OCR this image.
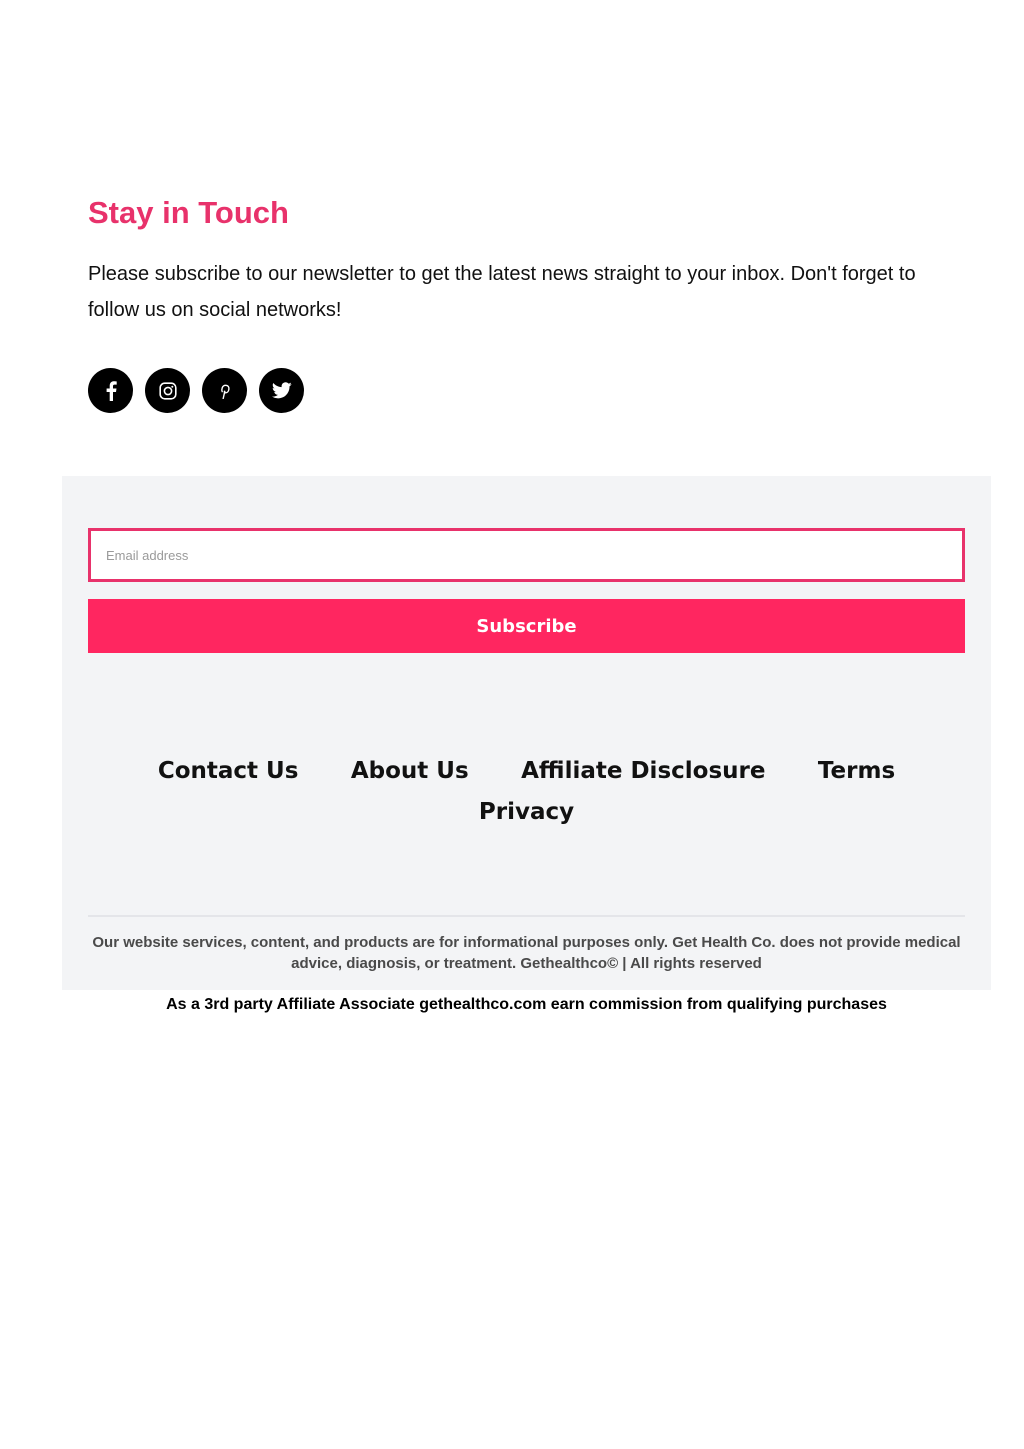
Stay in Touch

Please subscribe to our newsletter to get the latest news straight to your inbox. Don't forget to follow us on social networks!

Email address
Subscribe
Contact Us About Us Affiliate Disclosure Terms Privacy

Our website services, content, and products are for informational purposes only. Get Health Co. does not provide medical advice, diagnosis, or treatment. Gethealthco© | All rights reserved

As a 3rd party Affiliate Associate gethealthco.com earn commission from qualifying purchases
